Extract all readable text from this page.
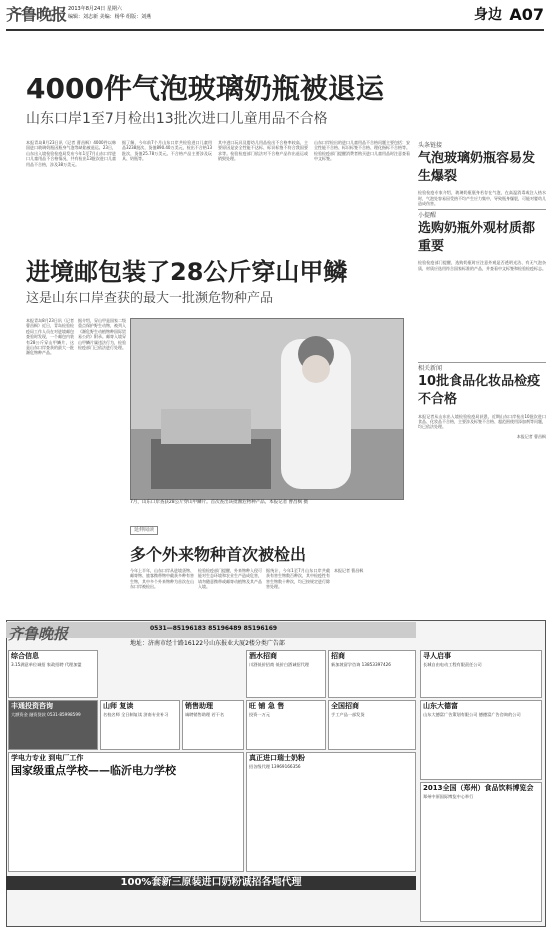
齐鲁晚报 2013年8月24日 星期六
编辑：刘志新 美编：杨华 组版：刘燕	身边 A07
4000件气泡玻璃奶瓶被退运
山东口岸1至7月检出13批次进口儿童用品不合格
本报青岛8月23日讯（记者 曹昌枫）4000件以韩国进口玻璃奶瓶因瓶身气泡等缺陷被退运。23日，山东出入境检验检疫局发布今年1至7月山东口岸进口儿童用品不合格情况，共有检出13批次进口儿童用品不合格，涉及38万美元。
据了解，今年前7个月山东口岸共检验进口儿童用品3238批次，货值890.40万美元，检出不合格13批次，货值25.78万美元。不合格产品主要涉及玩具、奶瓶等。
其中进口玩具及婴幼儿用品检出不合格率较高，主要原因是安全性能不达标、标识标签不符合我国要求等。检验检疫部门依法对不合格产品作出退运或销毁处理。
山东口岸检出的进口儿童用品不合格问题主要包括：安全性能不合格、标识标签不合格、理化指标不合格等。检验检疫部门提醒消费者购买进口儿童用品时注意查看中文标签。
头条链接
气泡玻璃奶瓶容易发生爆裂
检验检疫专家介绍，玻璃奶瓶瓶身若存在气泡，在高温消毒或注入热水时，气泡处容易因受热不均产生应力集中，导致瓶身爆裂，可能对婴幼儿造成伤害。
小提醒
选购奶瓶外观材质都重要
检验检疫部门提醒，选购奶瓶时应注意外观是否透明光洁、有无气泡杂质，材质应选用符合国家标准的产品，并查看中文标签和检验检疫标志。
相关新闻
10批食品化妆品检疫不合格
本报记者从山东出入境检验检疫局获悉，近期山东口岸检出10批次进口食品、化妆品不合格，主要涉及标签不合格、超范围使用添加剂等问题，均已依法处理。
本报记者 曹昌枫
进境邮包装了28公斤穿山甲鳞
这是山东口岸查获的最大一批濒危物种产品
本报青岛8月23日讯（记者 曹昌枫）近日，青岛检验检疫局工作人员在对进境邮包查验时发现，一个邮包内装有28公斤穿山甲鳞片，这是山东口岸查获的最大一批濒危物种产品。
据介绍，穿山甲是国家二级重点保护野生动物，被列入《濒危野生动植物种国际贸易公约》附录。邮寄入境穿山甲鳞片属违法行为，检验检疫部门已依法进行处理。
7月，山东口岸查获28公斤穿山甲鳞片。首次查出该批濒危物种产品。本报记者 曹昌枫 摄
延伸阅读
多个外来物种首次被检出
今年上半年，山东口岸从进境货物、邮寄物、旅客携带物中截获多种有害生物，其中多个外来物种为首次在山东口岸被检出。
检验检疫部门提醒，外来物种入侵可能对生态环境和农业生产造成危害，请勿随意携带或邮寄动植物及其产品入境。
据统计，今年1至7月山东口岸共截获有害生物数百种次，其中检疫性有害生物数十种次，均已按规定进行除害处理。
本报记者 曹昌枫
齐鲁晚报	0531—85196183 85196489 85196169
地址：济南市经十路16122号山东报业大厦2楼分类广告部
综合信息
3.15满意单位诚招 家政招聘 代理加盟
酒水招商
川酒低价招商 低价白酒诚招代理
招商
新加坡留学咨询 13853397426
寻人启事
长城自由电动工程有限责任公司
丰通投资咨询
大额资金 融资贷款 0531-85998599
山师 复读
名校名师 全日制复读 济南专业补习
销售助理
诚聘销售助理 若干名
旺 铺 急 售
投资一万元
全国招商
手工产品一部发货
山东大德富
山东大德富广告策划有限公司 德德富广告咨询的公司
学电力专业 到电厂工作
国家级重点学校——临沂电力学校
真正进口瑞士奶粉
招各级代理 13969166356
2013全国（郑州）食品饮料博览会
郑州中原国际博览中心举行
100%套新三原装进口奶粉诚招各地代理
